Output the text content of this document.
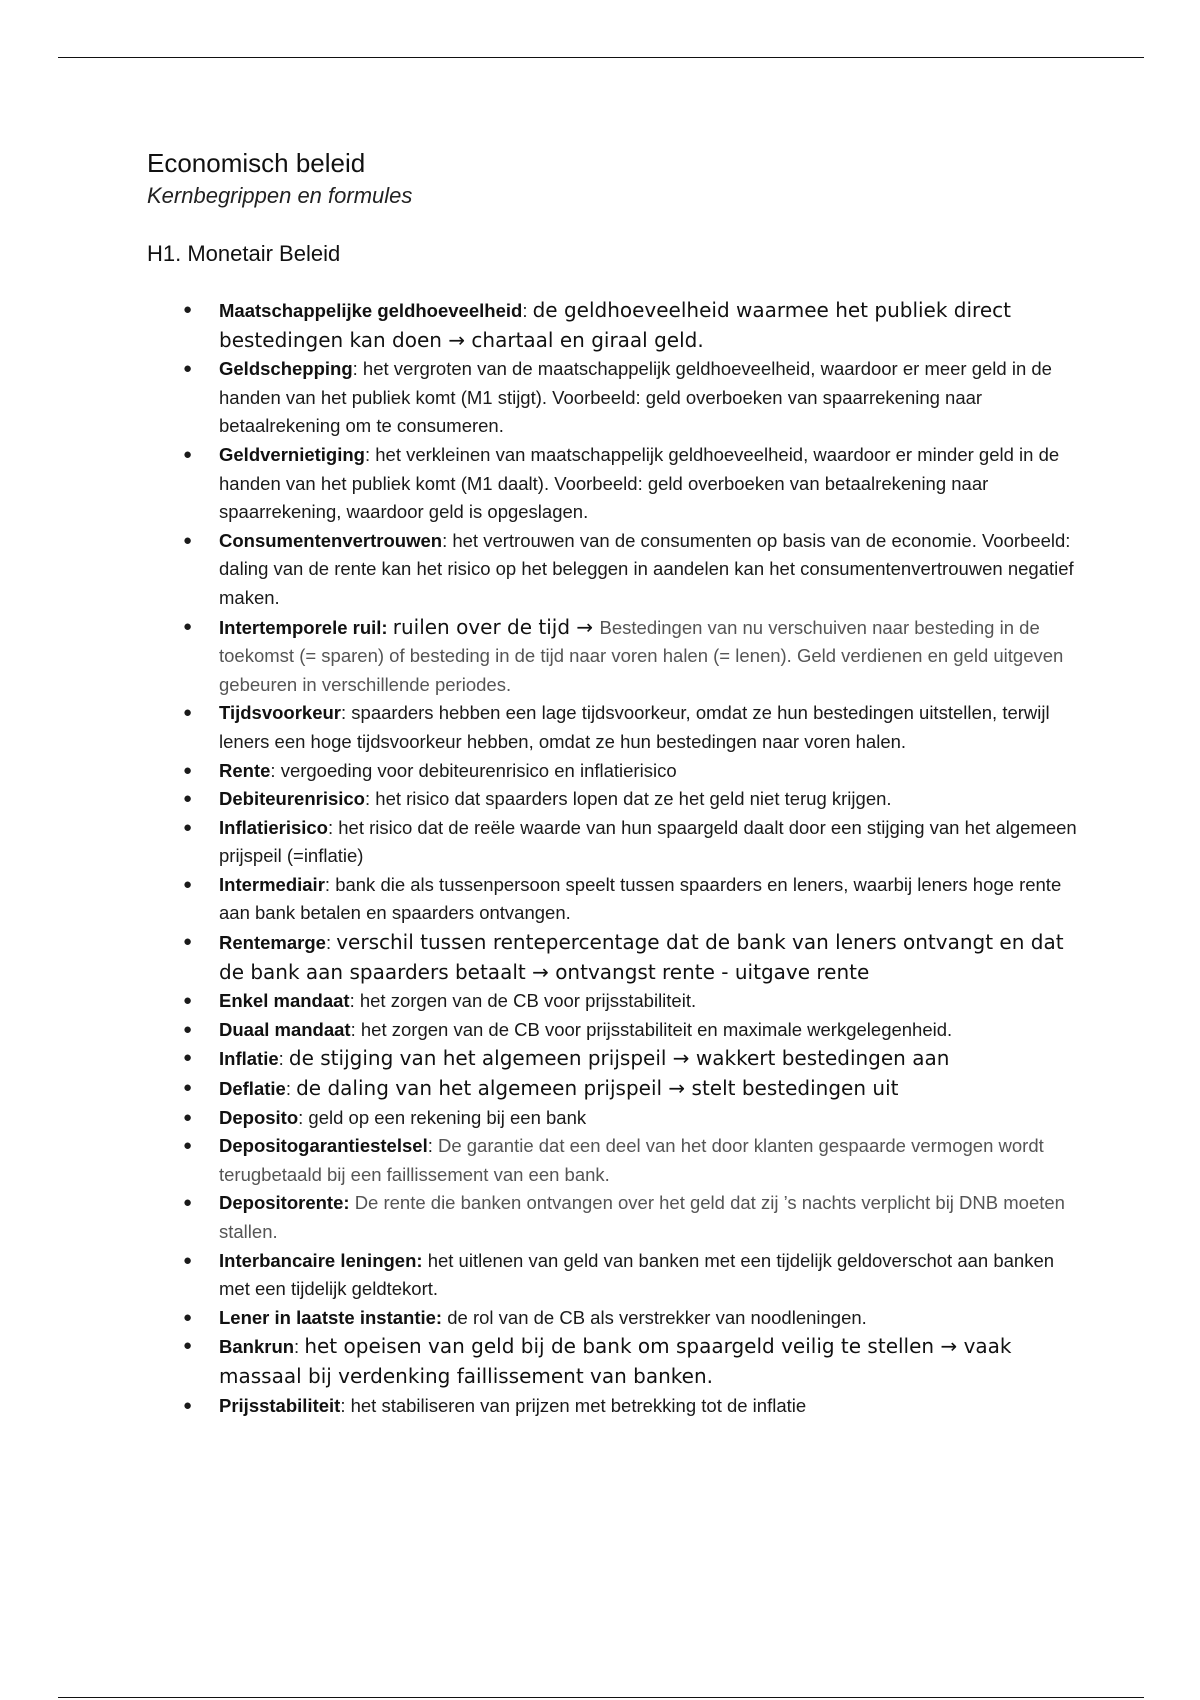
Economisch beleid

Kernbegrippen en formules

H1. Monetair Beleid
● Maatschappelijke geldhoeveelheid: de geldhoeveelheid waarmee het publiek direct bestedingen kan doen → chartaal en giraal geld.
● Geldschepping: het vergroten van de maatschappelijk geldhoeveelheid, waardoor er meer geld in de handen van het publiek komt (M1 stijgt). Voorbeeld: geld overboeken van spaarrekening naar betaalrekening om te consumeren.
● Geldvernietiging: het verkleinen van maatschappelijk geldhoeveelheid, waardoor er minder geld in de handen van het publiek komt (M1 daalt). Voorbeeld: geld overboeken van betaalrekening naar spaarrekening, waardoor geld is opgeslagen.
● Consumentenvertrouwen: het vertrouwen van de consumenten op basis van de economie. Voorbeeld: daling van de rente kan het risico op het beleggen in aandelen kan het consumentenvertrouwen negatief maken.
● Intertemporele ruil: ruilen over de tijd → Bestedingen van nu verschuiven naar besteding in de toekomst (= sparen) of besteding in de tijd naar voren halen (= lenen). Geld verdienen en geld uitgeven gebeuren in verschillende periodes.
● Tijdsvoorkeur: spaarders hebben een lage tijdsvoorkeur, omdat ze hun bestedingen uitstellen, terwijl leners een hoge tijdsvoorkeur hebben, omdat ze hun bestedingen naar voren halen.
● Rente: vergoeding voor debiteurenrisico en inflatierisico
● Debiteurenrisico: het risico dat spaarders lopen dat ze het geld niet terug krijgen.
● Inflatierisico: het risico dat de reële waarde van hun spaargeld daalt door een stijging van het algemeen prijspeil (=inflatie)
● Intermediair: bank die als tussenpersoon speelt tussen spaarders en leners, waarbij leners hoge rente aan bank betalen en spaarders ontvangen.
● Rentemarge: verschil tussen rentepercentage dat de bank van leners ontvangt en dat de bank aan spaarders betaalt → ontvangst rente - uitgave rente
● Enkel mandaat: het zorgen van de CB voor prijsstabiliteit.
● Duaal mandaat: het zorgen van de CB voor prijsstabiliteit en maximale werkgelegenheid.
● Inflatie: de stijging van het algemeen prijspeil → wakkert bestedingen aan
● Deflatie: de daling van het algemeen prijspeil → stelt bestedingen uit
● Deposito: geld op een rekening bij een bank
● Depositogarantiestelsel: De garantie dat een deel van het door klanten gespaarde vermogen wordt terugbetaald bij een faillissement van een bank.
● Depositorente: De rente die banken ontvangen over het geld dat zij ’s nachts verplicht bij DNB moeten stallen.
● Interbancaire leningen: het uitlenen van geld van banken met een tijdelijk geldoverschot aan banken met een tijdelijk geldtekort.
● Lener in laatste instantie: de rol van de CB als verstrekker van noodleningen.
● Bankrun: het opeisen van geld bij de bank om spaargeld veilig te stellen → vaak massaal bij verdenking faillissement van banken.
● Prijsstabiliteit: het stabiliseren van prijzen met betrekking tot de inflatie
